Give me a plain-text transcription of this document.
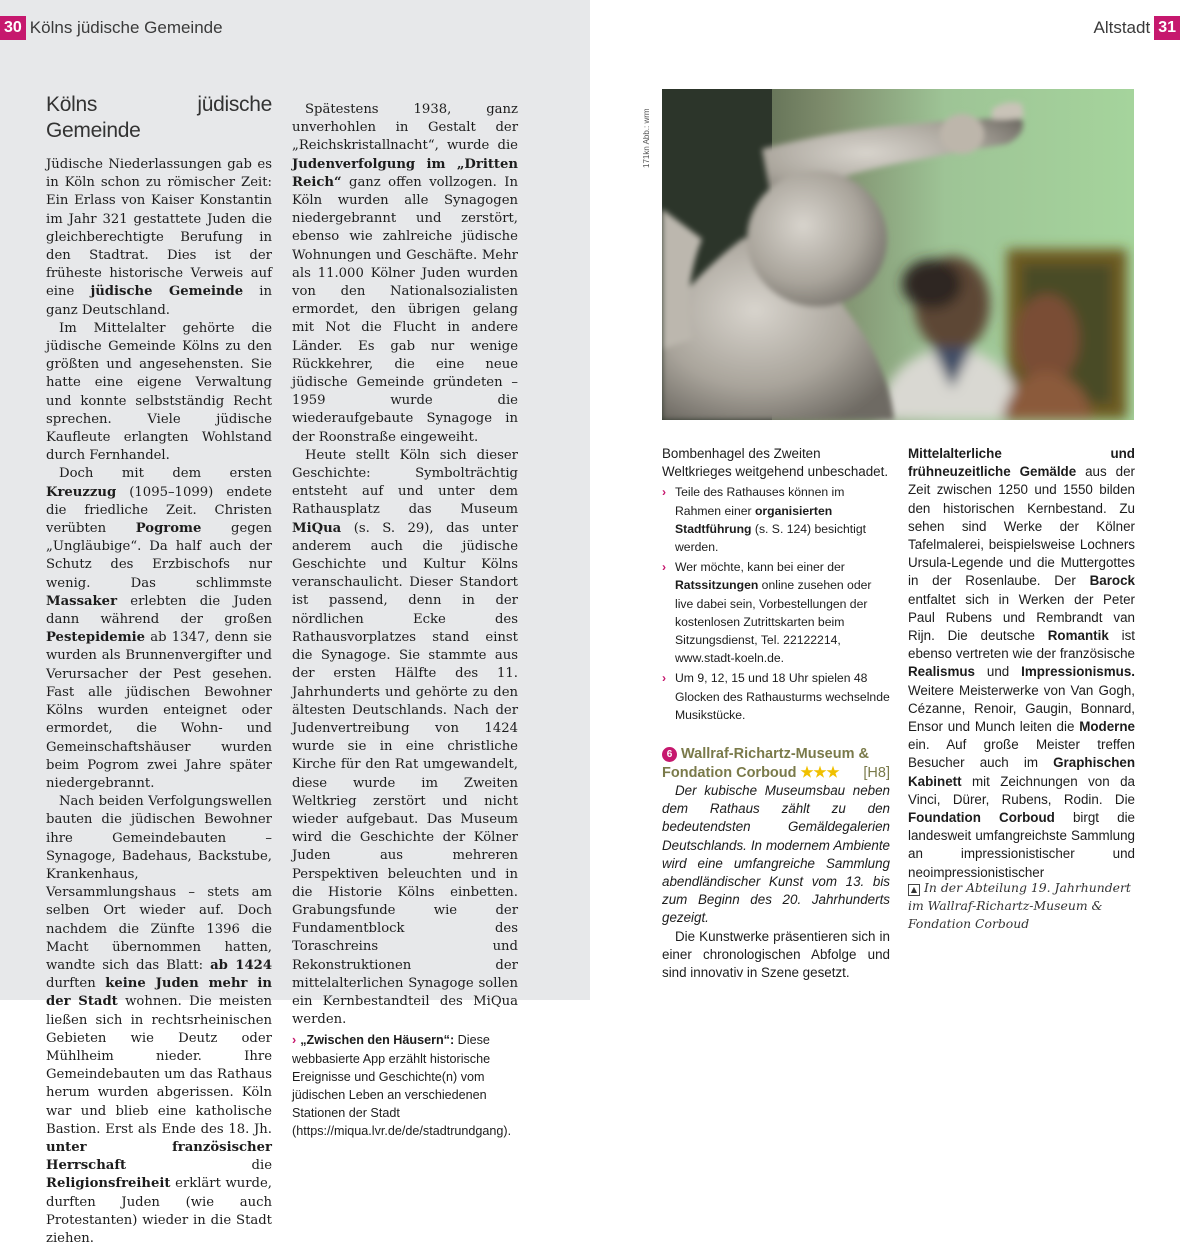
30 Kölns jüdische Gemeinde	Altstadt 31
Kölns jüdische Gemeinde

Jüdische Niederlassungen gab es in Köln schon zu römischer Zeit: Ein Erlass von Kaiser Konstantin im Jahr 321 gestattete Juden die gleichberechtigte Berufung in den Stadtrat. Dies ist der früheste historische Verweis auf eine jüdische Gemeinde in ganz Deutschland.

Im Mittelalter gehörte die jüdische Gemeinde Kölns zu den größten und angesehensten. Sie hatte eine eigene Verwaltung und konnte selbstständig Recht sprechen. Viele jüdische Kaufleute erlangten Wohlstand durch Fernhandel.

Doch mit dem ersten Kreuzzug (1095–1099) endete die friedliche Zeit. Christen verübten Pogrome gegen „Ungläubige“. Da half auch der Schutz des Erzbischofs nur wenig. Das schlimmste Massaker erlebten die Juden dann während der großen Pestepidemie ab 1347, denn sie wurden als Brunnenvergifter und Verursacher der Pest gesehen. Fast alle jüdischen Bewohner Kölns wurden enteignet oder ermordet, die Wohn- und Gemeinschaftshäuser wurden beim Pogrom zwei Jahre später niedergebrannt.

Nach beiden Verfolgungswellen bauten die jüdischen Bewohner ihre Gemeindebauten – Synagoge, Badehaus, Backstube, Krankenhaus, Versammlungshaus – stets am selben Ort wieder auf. Doch nachdem die Zünfte 1396 die Macht übernommen hatten, wandte sich das Blatt: ab 1424 durften keine Juden mehr in der Stadt wohnen. Die meisten ließen sich in rechtsrheinischen Gebieten wie Deutz oder Mühlheim nieder. Ihre Gemeindebauten um das Rathaus herum wurden abgerissen. Köln war und blieb eine katholische Bastion. Erst als Ende des 18. Jh. unter französischer Herrschaft die Religionsfreiheit erklärt wurde, durften Juden (wie auch Protestanten) wieder in die Stadt ziehen.

Spätestens 1938, ganz unverhohlen in Gestalt der „Reichskristallnacht“, wurde die Judenverfolgung im „Dritten Reich“ ganz offen vollzogen. In Köln wurden alle Synagogen niedergebrannt und zerstört, ebenso wie zahlreiche jüdische Wohnungen und Geschäfte. Mehr als 11.000 Kölner Juden wurden von den Nationalsozialisten ermordet, den übrigen gelang mit Not die Flucht in andere Länder. Es gab nur wenige Rückkehrer, die eine neue jüdische Gemeinde gründeten – 1959 wurde die wiederaufgebaute Synagoge in der Roonstraße eingeweiht.

Heute stellt Köln sich dieser Geschichte: Symbolträchtig entsteht auf und unter dem Rathausplatz das Museum MiQua (s. S. 29), das unter anderem auch die jüdische Geschichte und Kultur Kölns veranschaulicht. Dieser Standort ist passend, denn in der nördlichen Ecke des Rathausvorplatzes stand einst die Synagoge. Sie stammte aus der ersten Hälfte des 11. Jahrhunderts und gehörte zu den ältesten Deutschlands. Nach der Judenvertreibung von 1424 wurde sie in eine christliche Kirche für den Rat umgewandelt, diese wurde im Zweiten Weltkrieg zerstört und nicht wieder aufgebaut. Das Museum wird die Geschichte der Kölner Juden aus mehreren Perspektiven beleuchten und in die Historie Kölns einbetten. Grabungsfunde wie der Fundamentblock des Toraschreins und Rekonstruktionen der mittelalterlichen Synagoge sollen ein Kernbestandteil des MiQua werden.

› „Zwischen den Häusern“: Diese webbasierte App erzählt historische Ereignisse und Geschichte(n) vom jüdischen Leben an verschiedenen Stationen der Stadt (https://miqua.lvr.de/de/stadtrundgang).
171kn Abb.: wrm

Bombenhagel des Zweiten Weltkrieges weitgehend unbeschadet.

› Teile des Rathauses können im Rahmen einer organisierten Stadtführung (s. S. 124) besichtigt werden.
› Wer möchte, kann bei einer der Ratssitzungen online zusehen oder live dabei sein, Vorbestellungen der kostenlosen Zutrittskarten beim Sitzungsdienst, Tel. 22122214, www.stadt-koeln.de.
› Um 9, 12, 15 und 18 Uhr spielen 48 Glocken des Rathausturms wechselnde Musikstücke.
6 Wallraf-Richartz-Museum &
Fondation Corboud ★★★ [H8]

Der kubische Museumsbau neben dem Rathaus zählt zu den bedeutendsten Gemäldegalerien Deutschlands. In modernem Ambiente wird eine umfangreiche Sammlung abendländischer Kunst vom 13. bis zum Beginn des 20. Jahrhunderts gezeigt.

Die Kunstwerke präsentieren sich in einer chronologischen Abfolge und sind innovativ in Szene gesetzt.

Mittelalterliche und frühneuzeitliche Gemälde aus der Zeit zwischen 1250 und 1550 bilden den historischen Kernbestand. Zu sehen sind Werke der Kölner Tafelmalerei, beispielsweise Lochners Ursula-Legende und die Muttergottes in der Rosenlaube. Der Barock entfaltet sich in Werken der Peter Paul Rubens und Rembrandt van Rijn. Die deutsche Romantik ist ebenso vertreten wie der französische Realismus und Impressionismus. Weitere Meisterwerke von Van Gogh, Cézanne, Renoir, Gaugin, Bonnard, Ensor und Munch leiten die Moderne ein. Auf große Meister treffen Besucher auch im Graphischen Kabinett mit Zeichnungen von da Vinci, Dürer, Rubens, Rodin. Die Foundation Corboud birgt die landesweit umfangreichste Sammlung an impressionistischer und neoimpressionistischer

▲ In der Abteilung 19. Jahrhundert im Wallraf-Richartz-Museum & Fondation Corboud
